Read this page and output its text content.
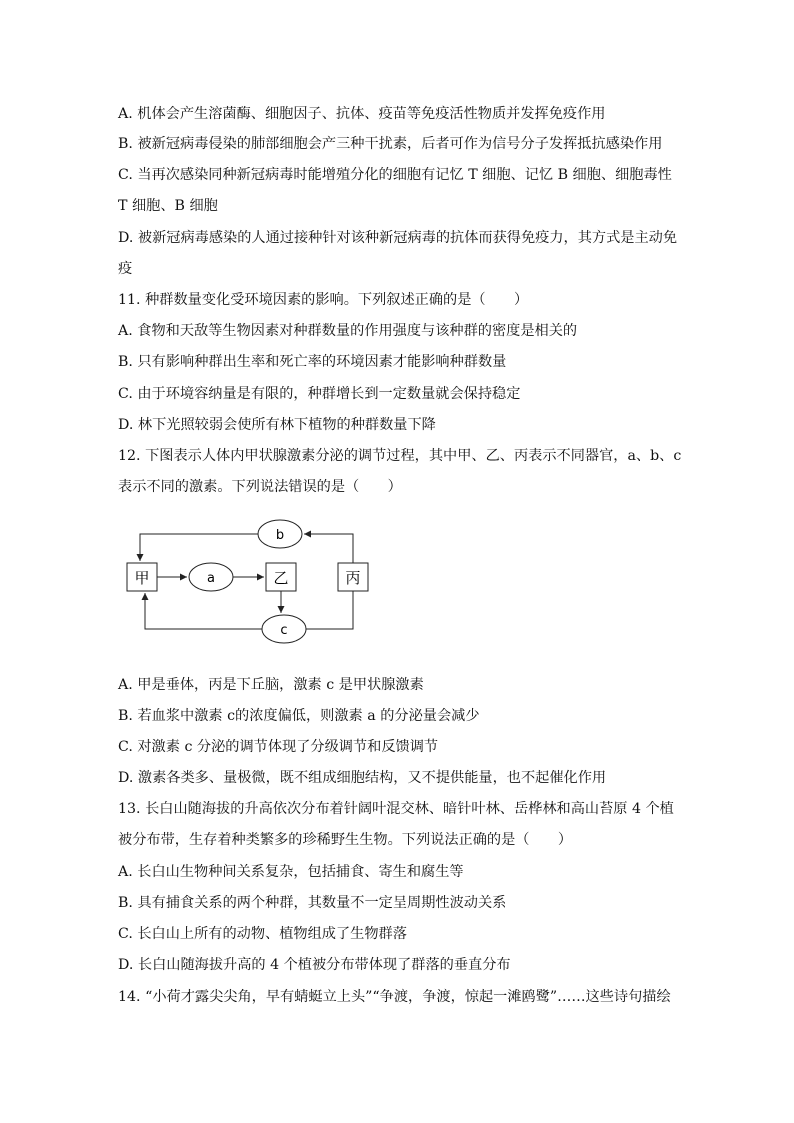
A. 机体会产生溶菌酶、细胞因子、抗体、疫苗等免疫活性物质并发挥免疫作用
B. 被新冠病毒侵染的肺部细胞会产三种干扰素，后者可作为信号分子发挥抵抗感染作用
C. 当再次感染同种新冠病毒时能增殖分化的细胞有记忆 T 细胞、记忆 B 细胞、细胞毒性
T 细胞、B 细胞
D. 被新冠病毒感染的人通过接种针对该种新冠病毒的抗体而获得免疫力，其方式是主动免
疫
11. 种群数量变化受环境因素的影响。下列叙述正确的是（　　）
A. 食物和天敌等生物因素对种群数量的作用强度与该种群的密度是相关的
B. 只有影响种群出生率和死亡率的环境因素才能影响种群数量
C. 由于环境容纳量是有限的，种群增长到一定数量就会保持稳定
D. 林下光照较弱会使所有林下植物的种群数量下降
12. 下图表示人体内甲状腺激素分泌的调节过程，其中甲、乙、丙表示不同器官，a、b、c
表示不同的激素。下列说法错误的是（　　）
b
a
c
甲	乙	丙
A. 甲是垂体，丙是下丘脑，激素 c 是甲状腺激素
B. 若血浆中激素 c的浓度偏低，则激素 a 的分泌量会减少
C. 对激素 c 分泌的调节体现了分级调节和反馈调节
D. 激素各类多、量极微，既不组成细胞结构，又不提供能量，也不起催化作用
13. 长白山随海拔的升高依次分布着针阔叶混交林、暗针叶林、岳桦林和高山苔原 4 个植
被分布带，生存着种类繁多的珍稀野生生物。下列说法正确的是（　　）
A. 长白山生物种间关系复杂，包括捕食、寄生和腐生等
B. 具有捕食关系的两个种群，其数量不一定呈周期性波动关系
C. 长白山上所有的动物、植物组成了生物群落
D. 长白山随海拔升高的 4 个植被分布带体现了群落的垂直分布
14. “小荷才露尖尖角，早有蜻蜓立上头”“争渡，争渡，惊起一滩鸥鹭”……这些诗句描绘
